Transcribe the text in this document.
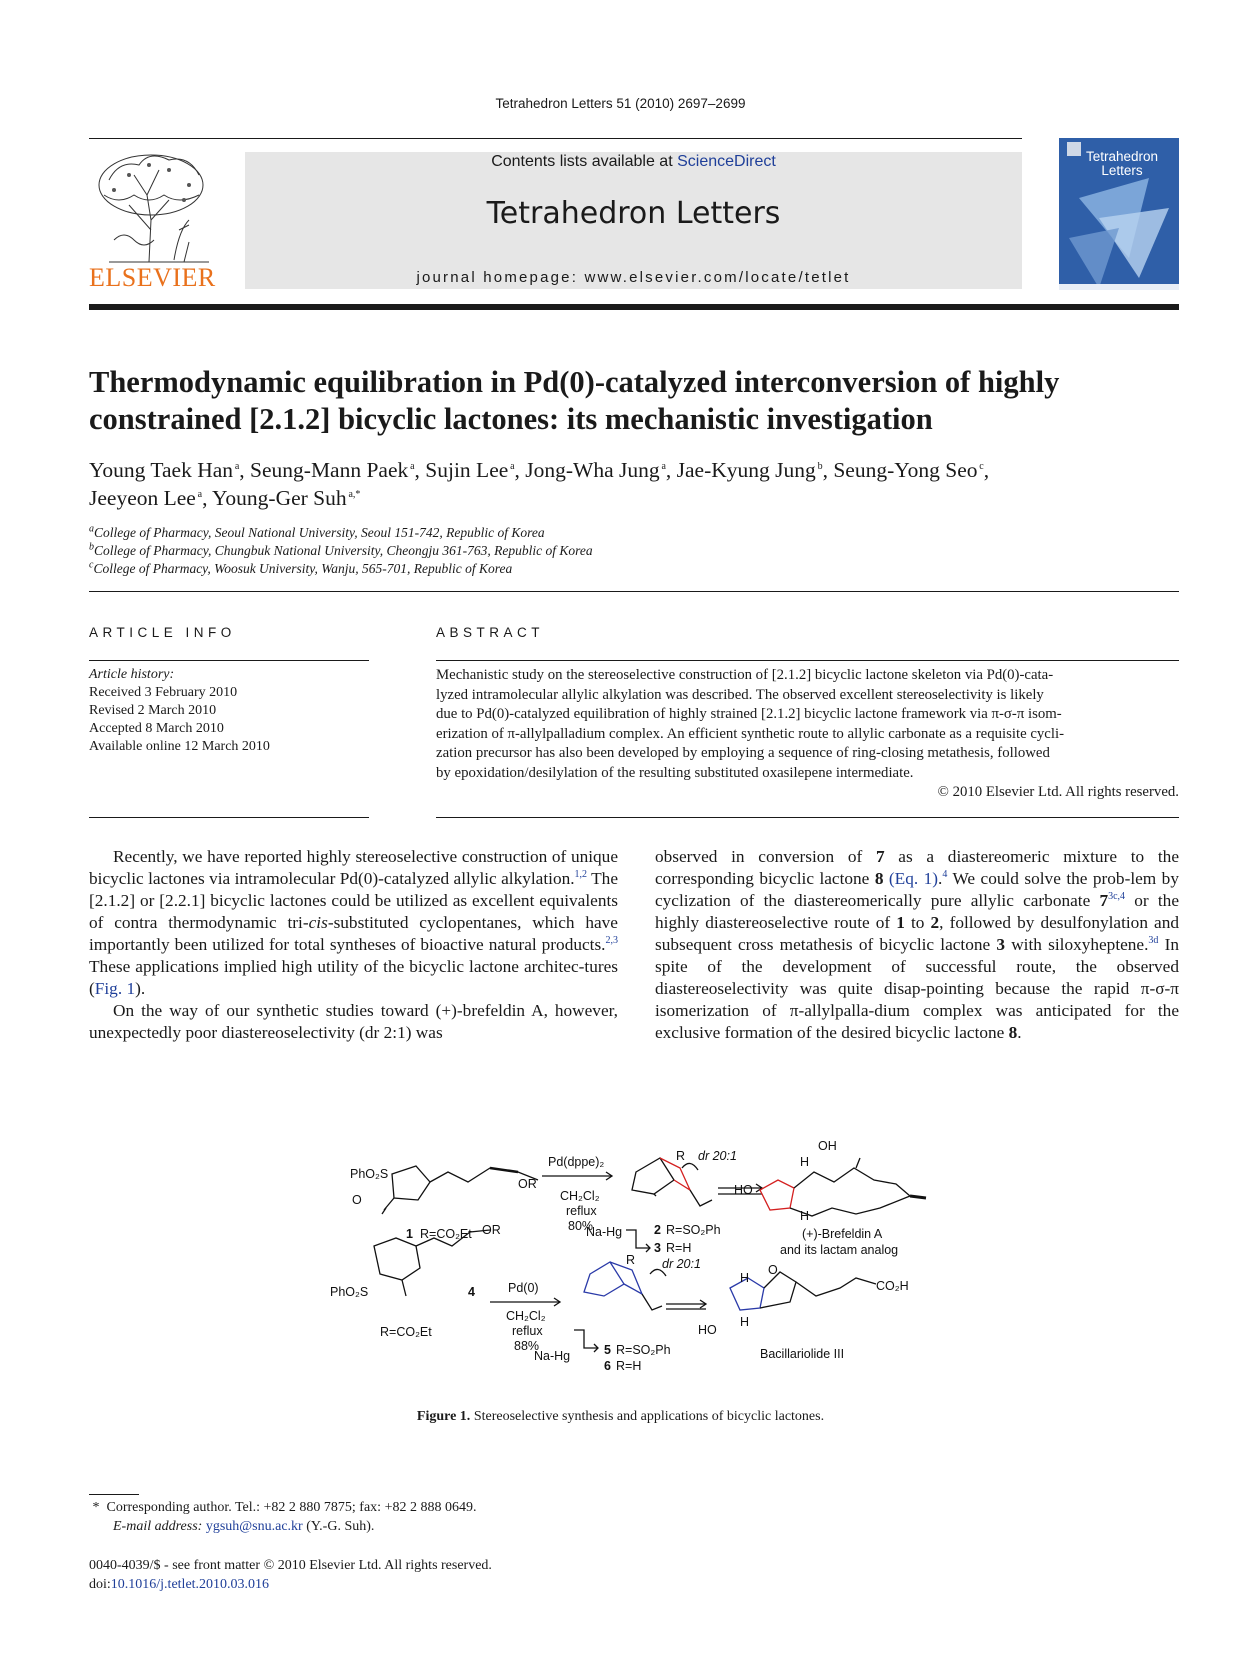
Tetrahedron Letters 51 (2010) 2697–2699
ELSEVIER
Contents lists available at ScienceDirect
Tetrahedron Letters
journal homepage: www.elsevier.com/locate/tetlet
Tetrahedron
Letters
Thermodynamic equilibration in Pd(0)-catalyzed interconversion of highly
constrained [2.1.2] bicyclic lactones: its mechanistic investigation
Young Taek Han  $^a$, Seung-Mann Paek  $^a$, Sujin Lee  $^a$, Jong-Wha Jung  $^a$, Jae-Kyung Jung  $^b$, Seung-Yong Seo  $^c$,
Jeeyeon Lee  $^a$, Young-Ger Suh  $^{a,*}$
$^a$College of Pharmacy, Seoul National University, Seoul 151-742, Republic of Korea
$^b$College of Pharmacy, Chungbuk National University, Cheongju 361-763, Republic of Korea
$^c$College of Pharmacy, Woosuk University, Wanju, 565-701, Republic of Korea
ARTICLE INFO
Article history:
Received 3 February 2010
Revised 2 March 2010
Accepted 8 March 2010
Available online 12 March 2010
ABSTRACT
Mechanistic study on the stereoselective construction of [2.1.2] bicyclic lactone skeleton via Pd(0)-cata-
lyzed intramolecular allylic alkylation was described. The observed excellent stereoselectivity is likely
due to Pd(0)-catalyzed equilibration of highly strained [2.1.2] bicyclic lactone framework via π-σ-π isom-
erization of π-allylpalladium complex. An efficient synthetic route to allylic carbonate as a requisite cycli-
zation precursor has also been developed by employing a sequence of ring-closing metathesis, followed
by epoxidation/desilylation of the resulting substituted oxasilepene intermediate.
© 2010 Elsevier Ltd. All rights reserved.

Recently, we have reported highly stereoselective construction of unique bicyclic lactones via intramolecular Pd(0)-catalyzed allylic alkylation.$^{1,2}$ The [2.1.2] or [2.2.1] bicyclic lactones could be utilized as excellent equivalents of contra thermodynamic tri-cis-substituted cyclopentanes, which have importantly been utilized for total syntheses of bioactive natural products.$^{2,3}$ These applications implied high utility of the bicyclic lactone architec-tures (Fig. 1).

On the way of our synthetic studies toward (+)-brefeldin A, however, unexpectedly poor diastereoselectivity (dr 2:1) was

observed in conversion of 7 as a diastereomeric mixture to the corresponding bicyclic lactone 8 (Eq. 1).$^4$ We could solve the prob-lem by cyclization of the diastereomerically pure allylic carbonate $7^{3c,4}$ or the highly diastereoselective route of 1 to 2, followed by desulfonylation and subsequent cross metathesis of bicyclic lactone 3 with siloxyheptene.$^{3d}$ In spite of the development of successful route, the observed diastereoselectivity was quite disap-pointing because the rapid π-σ-π isomerization of π-allylpalla-dium complex was anticipated for the exclusive formation of the desired bicyclic lactone 8.

PhO₂S
O
1 R=CO₂Et
OR
Pd(dppe)₂
CH₂Cl₂
reflux
80%
R dr 20:1
Na-Hg	2 R=SO₂Ph
3 R=H
OH
HO
H
H
(+)-Brefeldin A
and its lactam analog
PhO₂S	4
R=CO₂Et
OR
Pd(0)
CH₂Cl₂
reflux
88%
R dr 20:1
Na-Hg	5 R=SO₂Ph
6 R=H
O
HO
H
H
CO₂H
Bacillariolide III
Figure 1. Stereoselective synthesis and applications of bicyclic lactones.
* Corresponding author. Tel.: +82 2 880 7875; fax: +82 2 888 0649.
E-mail address: ygsuh@snu.ac.kr (Y.-G. Suh).
0040-4039/$ - see front matter © 2010 Elsevier Ltd. All rights reserved.
doi:10.1016/j.tetlet.2010.03.016
